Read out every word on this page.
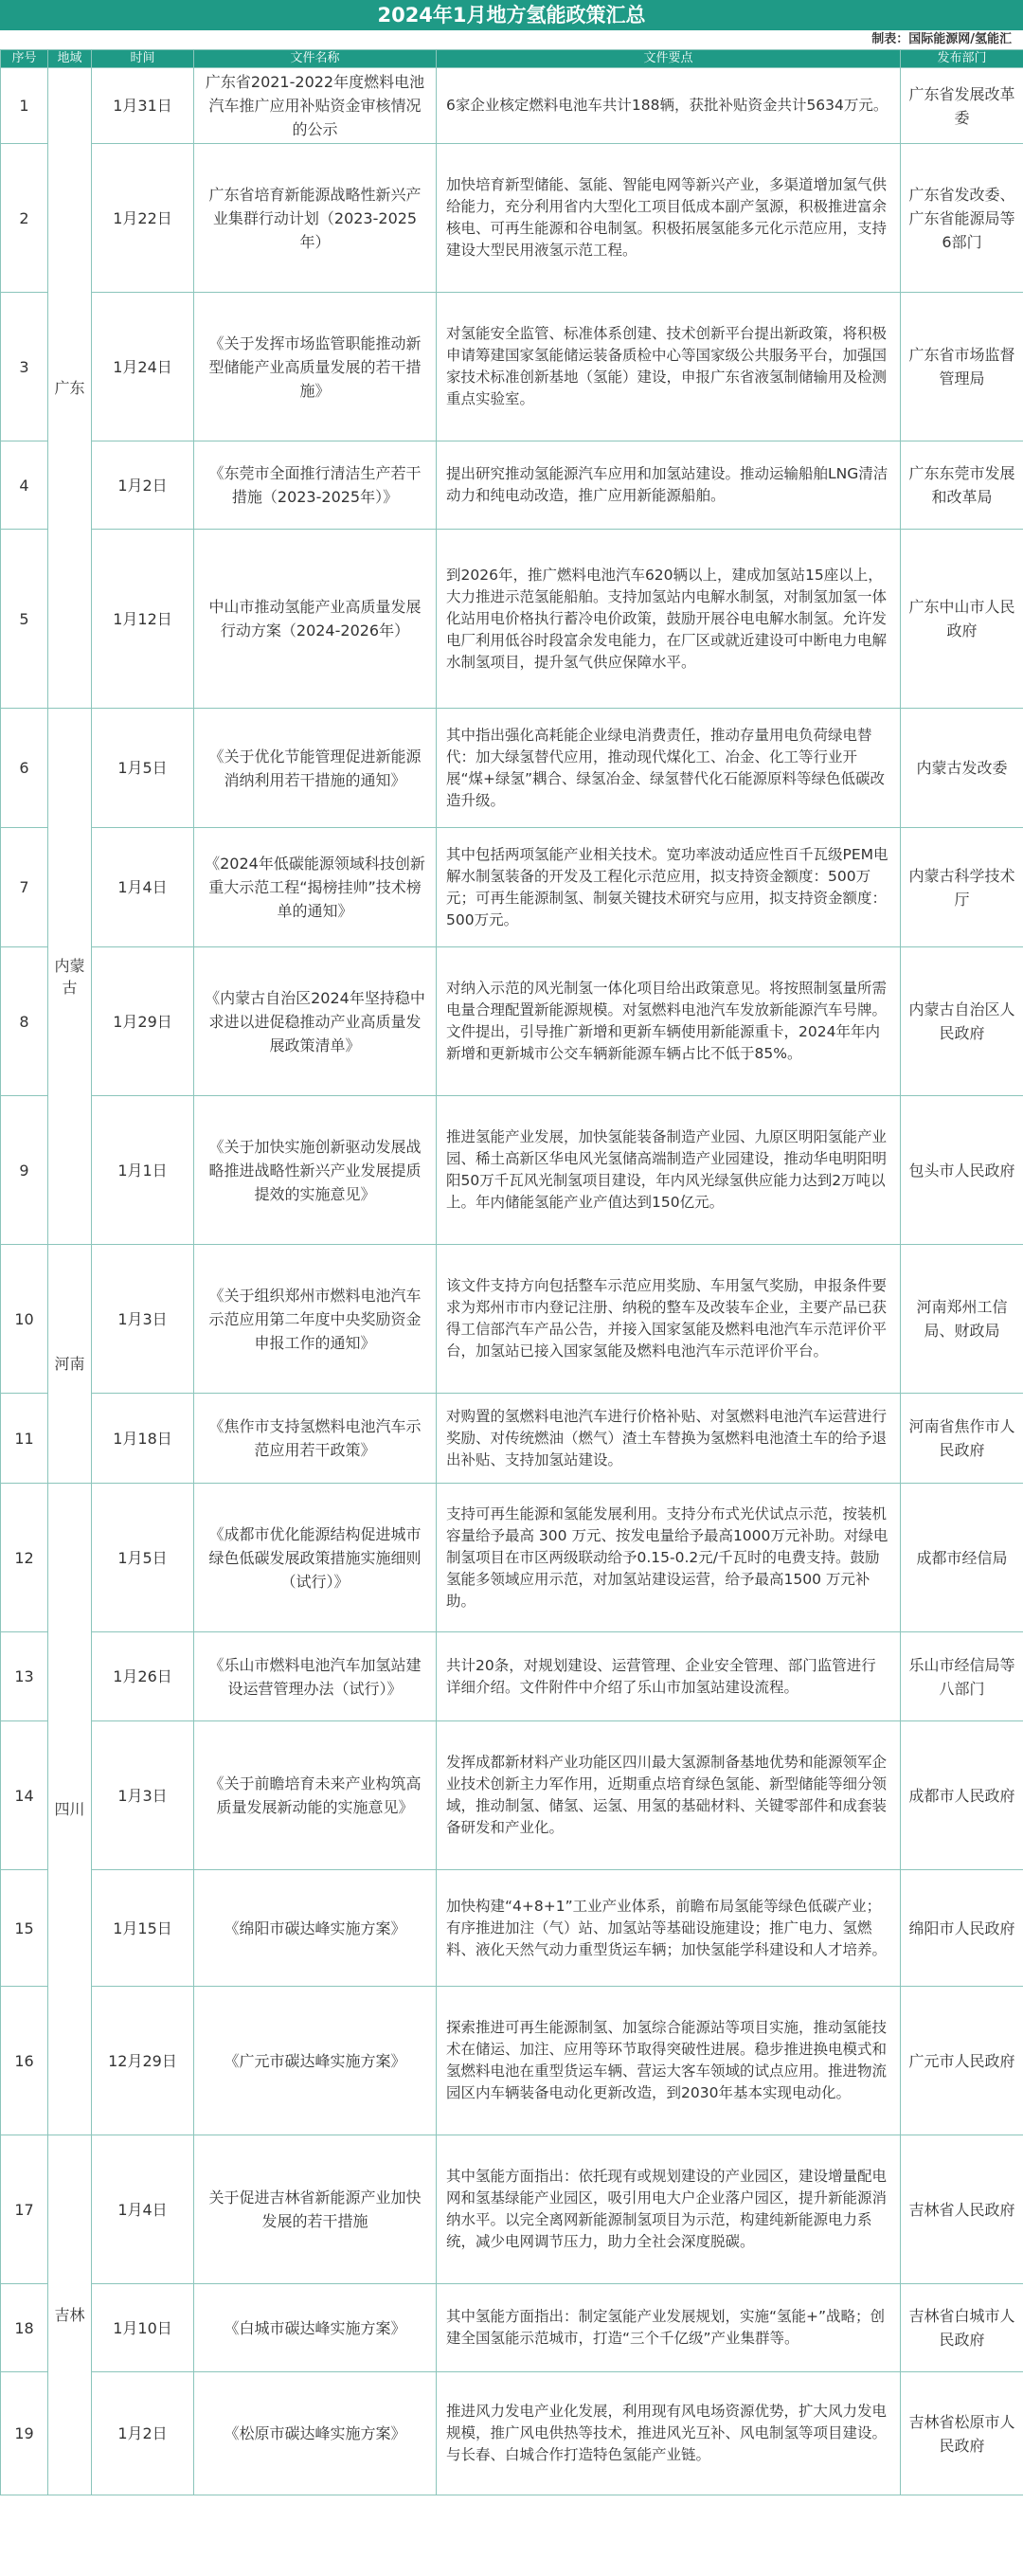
2024年1月地方氢能政策汇总
制表：国际能源网/氢能汇
序号	地域	时间	文件名称	文件要点	发布部门
1	广东	1月31日	广东省2021-2022年度燃料电池汽车推广应用补贴资金审核情况的公示	6家企业核定燃料电池车共计188辆，获批补贴资金共计5634万元。	广东省发展改革委
2		1月22日	广东省培育新能源战略性新兴产业集群行动计划（2023-2025年）	加快培育新型储能、氢能、智能电网等新兴产业，多渠道增加氢气供给能力，充分利用省内大型化工项目低成本副产氢源，积极推进富余核电、可再生能源和谷电制氢。积极拓展氢能多元化示范应用，支持建设大型民用液氢示范工程。	广东省发改委、广东省能源局等6部门
3		1月24日	《关于发挥市场监管职能推动新型储能产业高质量发展的若干措施》	对氢能安全监管、标准体系创建、技术创新平台提出新政策，将积极申请筹建国家氢能储运装备质检中心等国家级公共服务平台，加强国家技术标准创新基地（氢能）建设，申报广东省液氢制储输用及检测重点实验室。	广东省市场监督管理局
4		1月2日	《东莞市全面推行清洁生产若干措施（2023-2025年）》	提出研究推动氢能源汽车应用和加氢站建设。推动运输船舶LNG清洁动力和纯电动改造，推广应用新能源船舶。	广东东莞市发展和改革局
5		1月12日	中山市推动氢能产业高质量发展行动方案（2024-2026年）	到2026年，推广燃料电池汽车620辆以上，建成加氢站15座以上，大力推进示范氢能船舶。支持加氢站内电解水制氢，对制氢加氢一体化站用电价格执行蓄冷电价政策，鼓励开展谷电电解水制氢。允许发电厂利用低谷时段富余发电能力，在厂区或就近建设可中断电力电解水制氢项目，提升氢气供应保障水平。	广东中山市人民政府
6	内蒙古	1月5日	《关于优化节能管理促进新能源消纳利用若干措施的通知》	其中指出强化高耗能企业绿电消费责任，推动存量用电负荷绿电替代：加大绿氢替代应用，推动现代煤化工、冶金、化工等行业开展“煤+绿氢”耦合、绿氢冶金、绿氢替代化石能源原料等绿色低碳改造升级。	内蒙古发改委
7		1月4日	《2024年低碳能源领域科技创新重大示范工程“揭榜挂帅”技术榜单的通知》	其中包括两项氢能产业相关技术。宽功率波动适应性百千瓦级PEM电解水制氢装备的开发及工程化示范应用，拟支持资金额度：500万元；可再生能源制氢、制氨关键技术研究与应用，拟支持资金额度：500万元。	内蒙古科学技术厅
8		1月29日	《内蒙古自治区2024年坚持稳中求进以进促稳推动产业高质量发展政策清单》	对纳入示范的风光制氢一体化项目给出政策意见。将按照制氢量所需电量合理配置新能源规模。对氢燃料电池汽车发放新能源汽车号牌。文件提出，引导推广新增和更新车辆使用新能源重卡，2024年年内新增和更新城市公交车辆新能源车辆占比不低于85%。	内蒙古自治区人民政府
9		1月1日	《关于加快实施创新驱动发展战略推进战略性新兴产业发展提质提效的实施意见》	推进氢能产业发展，加快氢能装备制造产业园、九原区明阳氢能产业园、稀土高新区华电风光氢储高端制造产业园建设，推动华电明阳明阳50万千瓦风光制氢项目建设，年内风光绿氢供应能力达到2万吨以上。年内储能氢能产业产值达到150亿元。	包头市人民政府
10	河南	1月3日	《关于组织郑州市燃料电池汽车示范应用第二年度中央奖励资金申报工作的通知》	该文件支持方向包括整车示范应用奖励、车用氢气奖励，申报条件要求为郑州市市内登记注册、纳税的整车及改装车企业，主要产品已获得工信部汽车产品公告，并接入国家氢能及燃料电池汽车示范评价平台，加氢站已接入国家氢能及燃料电池汽车示范评价平台。	河南郑州工信局、财政局
11		1月18日	《焦作市支持氢燃料电池汽车示范应用若干政策》	对购置的氢燃料电池汽车进行价格补贴、对氢燃料电池汽车运营进行奖励、对传统燃油（燃气）渣土车替换为氢燃料电池渣土车的给予退出补贴、支持加氢站建设。	河南省焦作市人民政府
12	四川	1月5日	《成都市优化能源结构促进城市绿色低碳发展政策措施实施细则（试行）》	支持可再生能源和氢能发展利用。支持分布式光伏试点示范，按装机容量给予最高 300 万元、按发电量给予最高1000万元补助。对绿电制氢项目在市区两级联动给予0.15-0.2元/千瓦时的电费支持。鼓励氢能多领域应用示范，对加氢站建设运营，给予最高1500 万元补助。	成都市经信局
13		1月26日	《乐山市燃料电池汽车加氢站建设运营管理办法（试行）》	共计20条，对规划建设、运营管理、企业安全管理、部门监管进行详细介绍。文件附件中介绍了乐山市加氢站建设流程。	乐山市经信局等八部门
14		1月3日	《关于前瞻培育未来产业构筑高质量发展新动能的实施意见》	发挥成都新材料产业功能区四川最大氢源制备基地优势和能源领军企业技术创新主力军作用，近期重点培育绿色氢能、新型储能等细分领域，推动制氢、储氢、运氢、用氢的基础材料、关键零部件和成套装备研发和产业化。	成都市人民政府
15		1月15日	《绵阳市碳达峰实施方案》	加快构建“4+8+1”工业产业体系，前瞻布局氢能等绿色低碳产业；有序推进加注（气）站、加氢站等基础设施建设；推广电力、氢燃料、液化天然气动力重型货运车辆；加快氢能学科建设和人才培养。	绵阳市人民政府
16		12月29日	《广元市碳达峰实施方案》	探索推进可再生能源制氢、加氢综合能源站等项目实施，推动氢能技术在储运、加注、应用等环节取得突破性进展。稳步推进换电模式和氢燃料电池在重型货运车辆、营运大客车领域的试点应用。推进物流园区内车辆装备电动化更新改造，到2030年基本实现电动化。	广元市人民政府
17	吉林	1月4日	关于促进吉林省新能源产业加快发展的若干措施	其中氢能方面指出：依托现有或规划建设的产业园区，建设增量配电网和氢基绿能产业园区，吸引用电大户企业落户园区，提升新能源消纳水平。以完全离网新能源制氢项目为示范，构建纯新能源电力系统，减少电网调节压力，助力全社会深度脱碳。	吉林省人民政府
18		1月10日	《白城市碳达峰实施方案》	其中氢能方面指出：制定氢能产业发展规划，实施“氢能+”战略；创建全国氢能示范城市，打造“三个千亿级”产业集群等。	吉林省白城市人民政府
19		1月2日	《松原市碳达峰实施方案》	推进风力发电产业化发展，利用现有风电场资源优势，扩大风力发电规模，推广风电供热等技术，推进风光互补、风电制氢等项目建设。与长春、白城合作打造特色氢能产业链。	吉林省松原市人民政府
